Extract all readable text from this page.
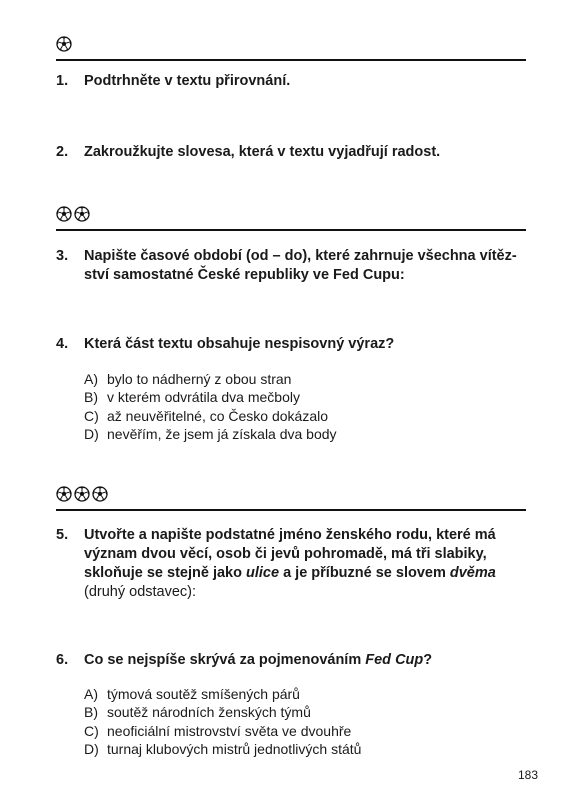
1.	Podtrhněte v textu přirovnání.
2.	Zakroužkujte slovesa, která v textu vyjadřují radost.
3.	Napište časové období (od – do), které zahrnuje všechna vítěz-
ství samostatné České republiky ve Fed Cupu:
4.	Která část textu obsahuje nespisovný výraz?
A) bylo to nádherný z obou stran
B) v kterém odvrátila dva mečboly
C) až neuvěřitelné, co Česko dokázalo
D) nevěřím, že jsem já získala dva body
5.	Utvořte a napište podstatné jméno ženského rodu, které má
význam dvou věcí, osob či jevů pohromadě, má tři slabiky,
skloňuje se stejně jako ulice a je příbuzné se slovem dvěma
(druhý odstavec):
6.	Co se nejspíše skrývá za pojmenováním Fed Cup?
A) týmová soutěž smíšených párů
B) soutěž národních ženských týmů
C) neoficiální mistrovství světa ve dvouhře
D) turnaj klubových mistrů jednotlivých států
183
